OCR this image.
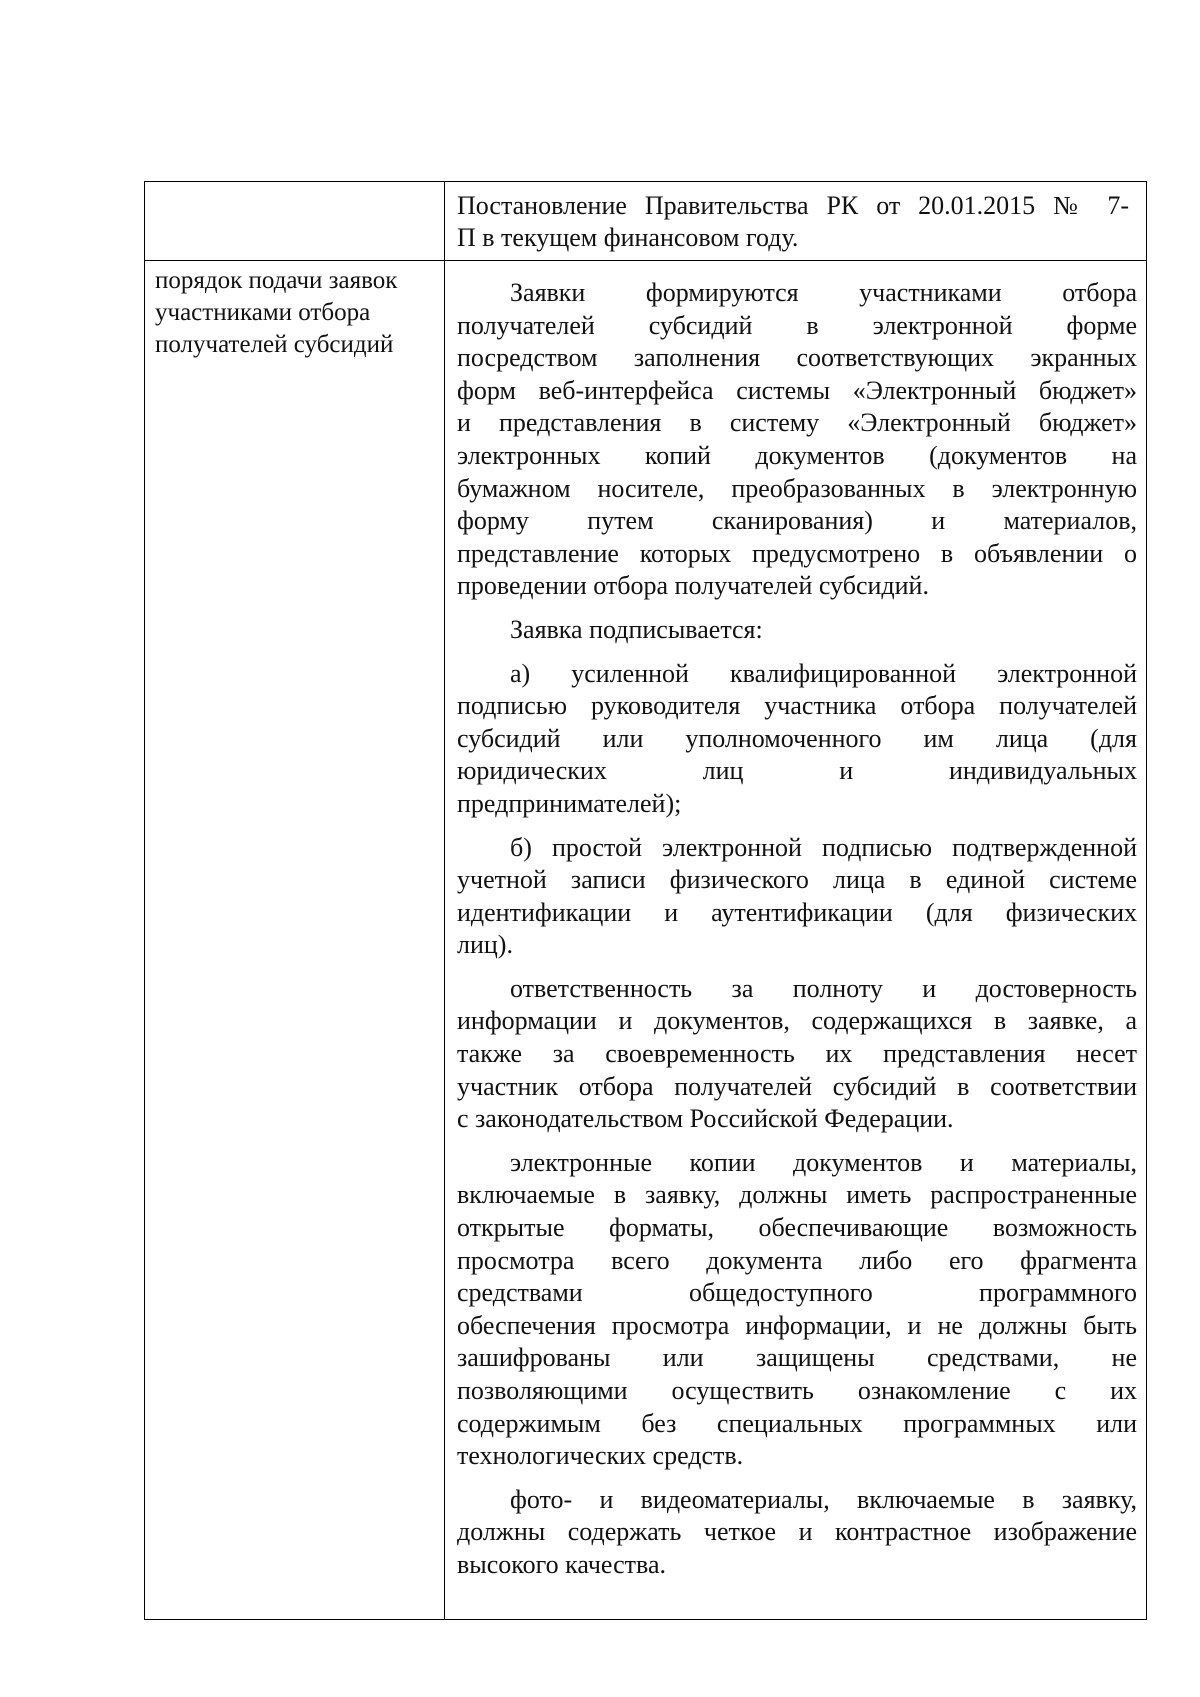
Постановление Правительства РК от 20.01.2015 № 7-
П в текущем финансовом году.
порядок подачи заявок
участниками отбора
получателей субсидий
Заявки формируются участниками отбора
получателей субсидий в электронной форме
посредством заполнения соответствующих экранных
форм веб-интерфейса системы «Электронный бюджет»
и представления в систему «Электронный бюджет»
электронных копий документов (документов на
бумажном носителе, преобразованных в электронную
форму путем сканирования) и материалов,
представление которых предусмотрено в объявлении о
проведении отбора получателей субсидий.
Заявка подписывается:
а) усиленной квалифицированной электронной
подписью руководителя участника отбора получателей
субсидий или уполномоченного им лица (для
юридических лиц и индивидуальных
предпринимателей);
б) простой электронной подписью подтвержденной
учетной записи физического лица в единой системе
идентификации и аутентификации (для физических
лиц).
ответственность за полноту и достоверность
информации и документов, содержащихся в заявке, а
также за своевременность их представления несет
участник отбора получателей субсидий в соответствии
с законодательством Российской Федерации.
электронные копии документов и материалы,
включаемые в заявку, должны иметь распространенные
открытые форматы, обеспечивающие возможность
просмотра всего документа либо его фрагмента
средствами общедоступного программного
обеспечения просмотра информации, и не должны быть
зашифрованы или защищены средствами, не
позволяющими осуществить ознакомление с их
содержимым без специальных программных или
технологических средств.
фото- и видеоматериалы, включаемые в заявку,
должны содержать четкое и контрастное изображение
высокого качества.
